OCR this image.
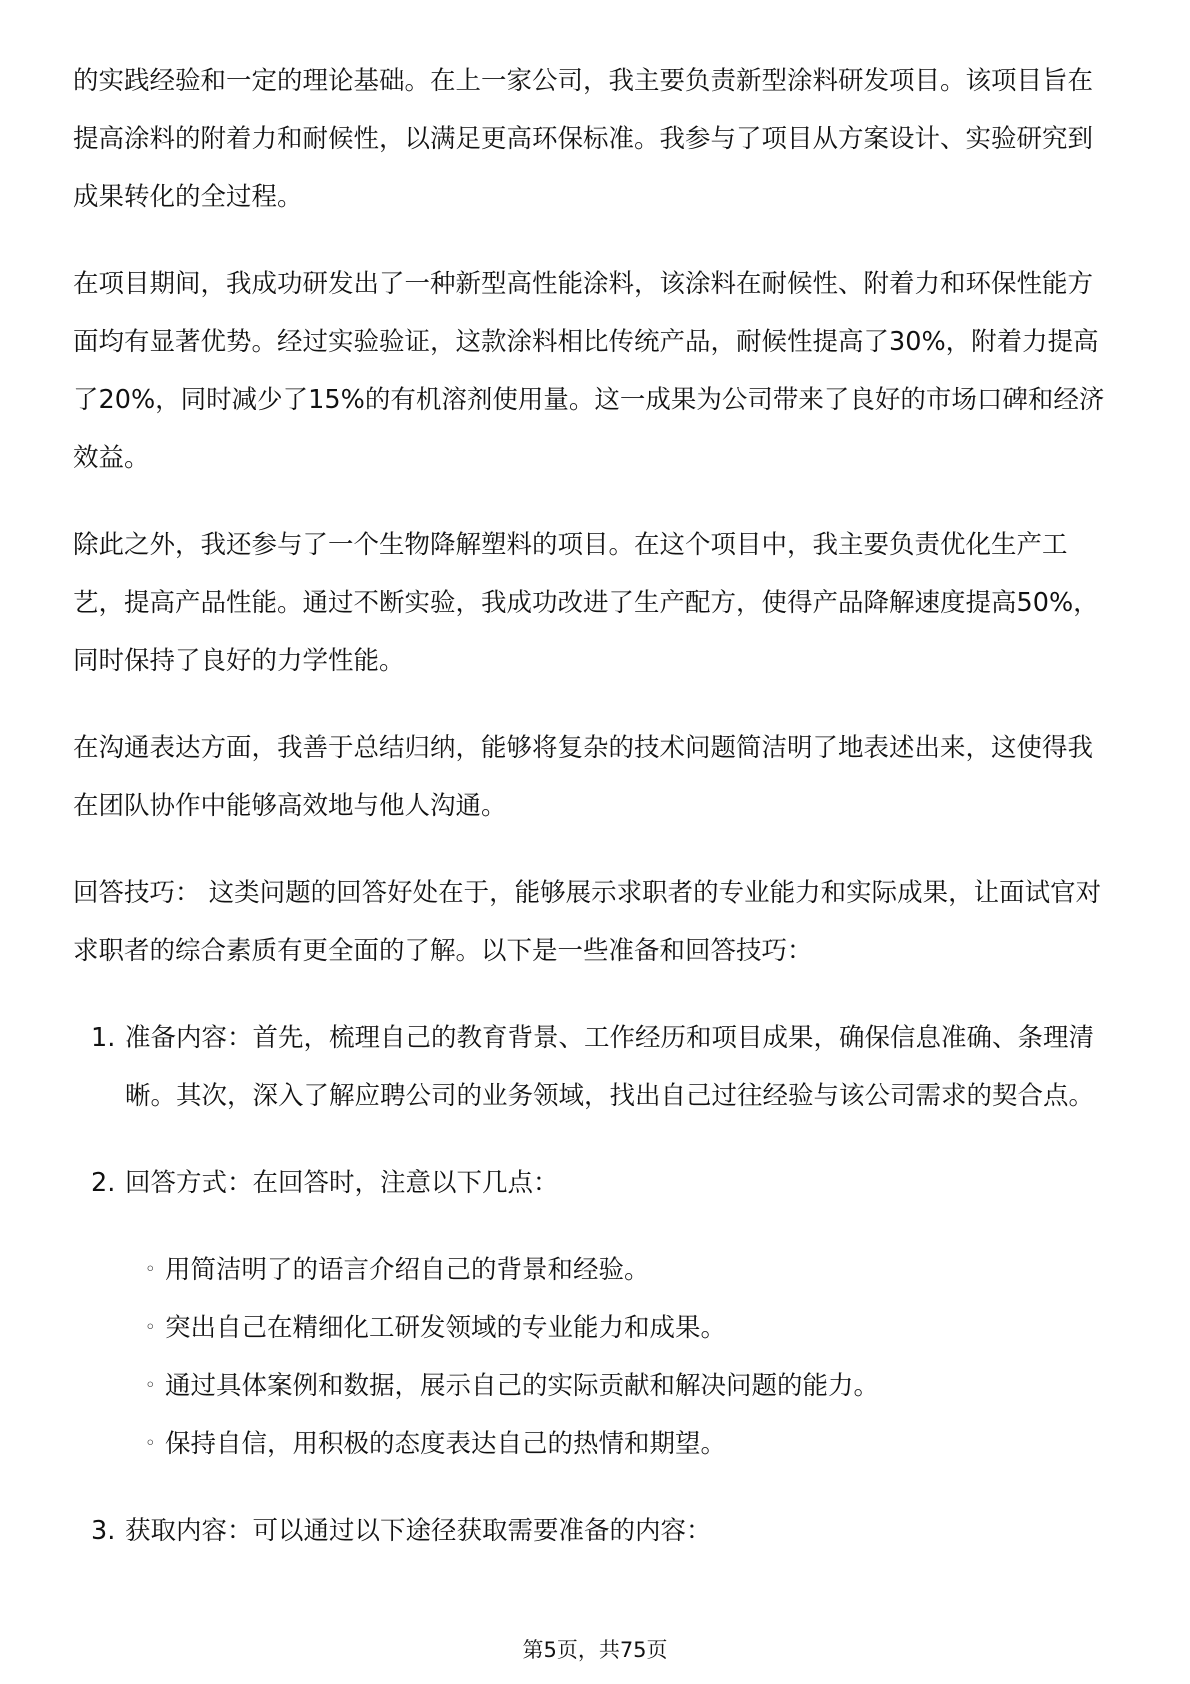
的实践经验和一定的理论基础。在上一家公司，我主要负责新型涂料研发项目。该项目旨在提高涂料的附着力和耐候性，以满足更高环保标准。我参与了项目从方案设计、实验研究到成果转化的全过程。

在项目期间，我成功研发出了一种新型高性能涂料，该涂料在耐候性、附着力和环保性能方面均有显著优势。经过实验验证，这款涂料相比传统产品，耐候性提高了30%，附着力提高了20%，同时减少了15%的有机溶剂使用量。这一成果为公司带来了良好的市场口碑和经济效益。

除此之外，我还参与了一个生物降解塑料的项目。在这个项目中，我主要负责优化生产工艺，提高产品性能。通过不断实验，我成功改进了生产配方，使得产品降解速度提高50%，同时保持了良好的力学性能。

在沟通表达方面，我善于总结归纳，能够将复杂的技术问题简洁明了地表述出来，这使得我在团队协作中能够高效地与他人沟通。

回答技巧： 这类问题的回答好处在于，能够展示求职者的专业能力和实际成果，让面试官对求职者的综合素质有更全面的了解。以下是一些准备和回答技巧：

1. 准备内容：首先，梳理自己的教育背景、工作经历和项目成果，确保信息准确、条理清晰。其次，深入了解应聘公司的业务领域，找出自己过往经验与该公司需求的契合点。
2. 回答方式：在回答时，注意以下几点：
◦ 用简洁明了的语言介绍自己的背景和经验。
◦ 突出自己在精细化工研发领域的专业能力和成果。
◦ 通过具体案例和数据，展示自己的实际贡献和解决问题的能力。
◦ 保持自信，用积极的态度表达自己的热情和期望。
3. 获取内容：可以通过以下途径获取需要准备的内容：
第5页，共75页
